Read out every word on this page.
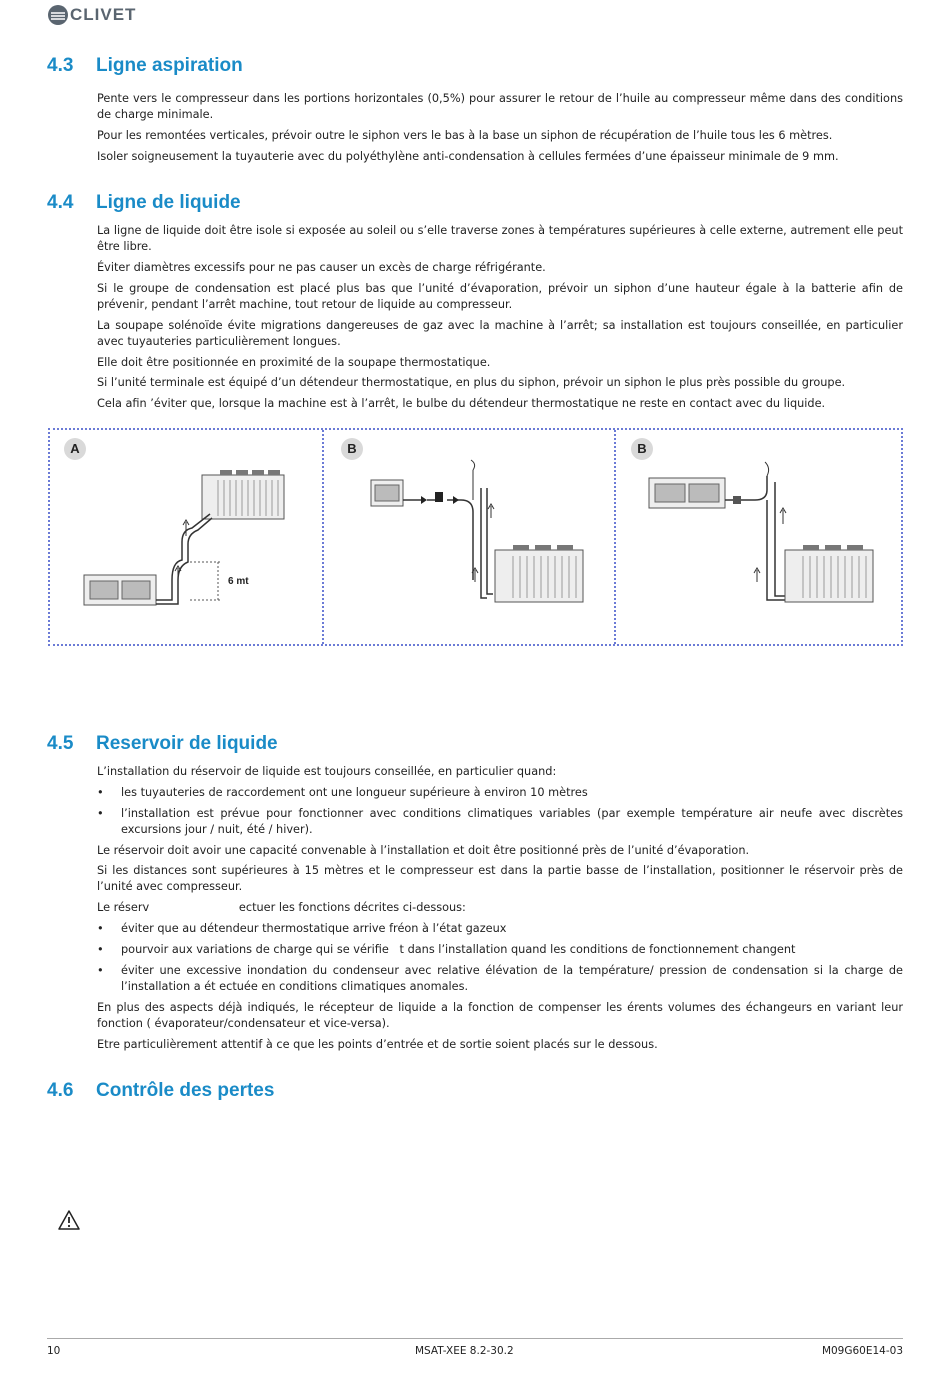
CLIVET
4.3 Ligne aspiration

Pente vers le compresseur dans les portions horizontales (0,5%) pour assurer le retour de l’huile au compresseur même dans des conditions de charge minimale.

Pour les remontées verticales, prévoir outre le siphon vers le bas à la base un siphon de récupération de l’huile tous les 6 mètres.

Isoler soigneusement la tuyauterie avec du polyéthylène anti-condensation à cellules fermées d’une épaisseur minimale de 9 mm.

4.4 Ligne de liquide

La ligne de liquide doit être isole si exposée au soleil ou s’elle traverse zones à températures supérieures à celle externe, autrement elle peut être libre.

Éviter diamètres excessifs pour ne pas causer un excès de charge réfrigérante.

Si le groupe de condensation est placé plus bas que l’unité d’évaporation, prévoir un siphon d’une hauteur égale à la batterie afin de prévenir, pendant l’arrêt machine, tout retour de liquide au compresseur.

La soupape solénoïde évite migrations dangereuses de gaz avec la machine à l’arrêt; sa installation est toujours conseillée, en particulier avec tuyauteries particulièrement longues.

Elle doit être positionnée en proximité de la soupape thermostatique.

Si l’unité terminale est équipé d’un détendeur thermostatique, en plus du siphon, prévoir un siphon le plus près possible du groupe.

Cela afin ’éviter que, lorsque la machine est à l’arrêt, le bulbe du détendeur thermostatique ne reste en contact avec du liquide.

A
6 mt
B	B
4.5 Reservoir de liquide

L’installation du réservoir de liquide est toujours conseillée, en particulier quand:

• les tuyauteries de raccordement ont une longueur supérieure à environ 10 mètres
• l’installation est prévue pour fonctionner avec conditions climatiques variables (par exemple température air neufe avec discrètes excursions jour / nuit, été / hiver).

Le réservoir doit avoir une capacité convenable à l’installation et doit être positionné près de l’unité d’évaporation.

Si les distances sont supérieures à 15 mètres et le compresseur est dans la partie basse de l’installation, positionner le réservoir près de l’unité avec compresseur.

Le réserv                         ectuer les fonctions décrites ci-dessous:

• éviter que au détendeur thermostatique arrive fréon à l’état gazeux
• pourvoir aux variations de charge qui se vérifie   t dans l’installation quand les conditions de fonctionnement changent
• éviter une excessive inondation du condenseur avec relative élévation de la température/ pression de condensation si la charge de l’installation a ét ectuée en conditions climatiques anomales.

En plus des aspects déjà indiqués, le récepteur de liquide a la fonction de compenser les érents volumes des échangeurs en variant leur fonction ( évaporateur/condensateur et vice-versa).

Etre particulièrement attentif à ce que les points d’entrée et de sortie soient placés sur le dessous.

4.6 Contrôle des pertes
10	MSAT-XEE 8.2-30.2	M09G60E14-03
